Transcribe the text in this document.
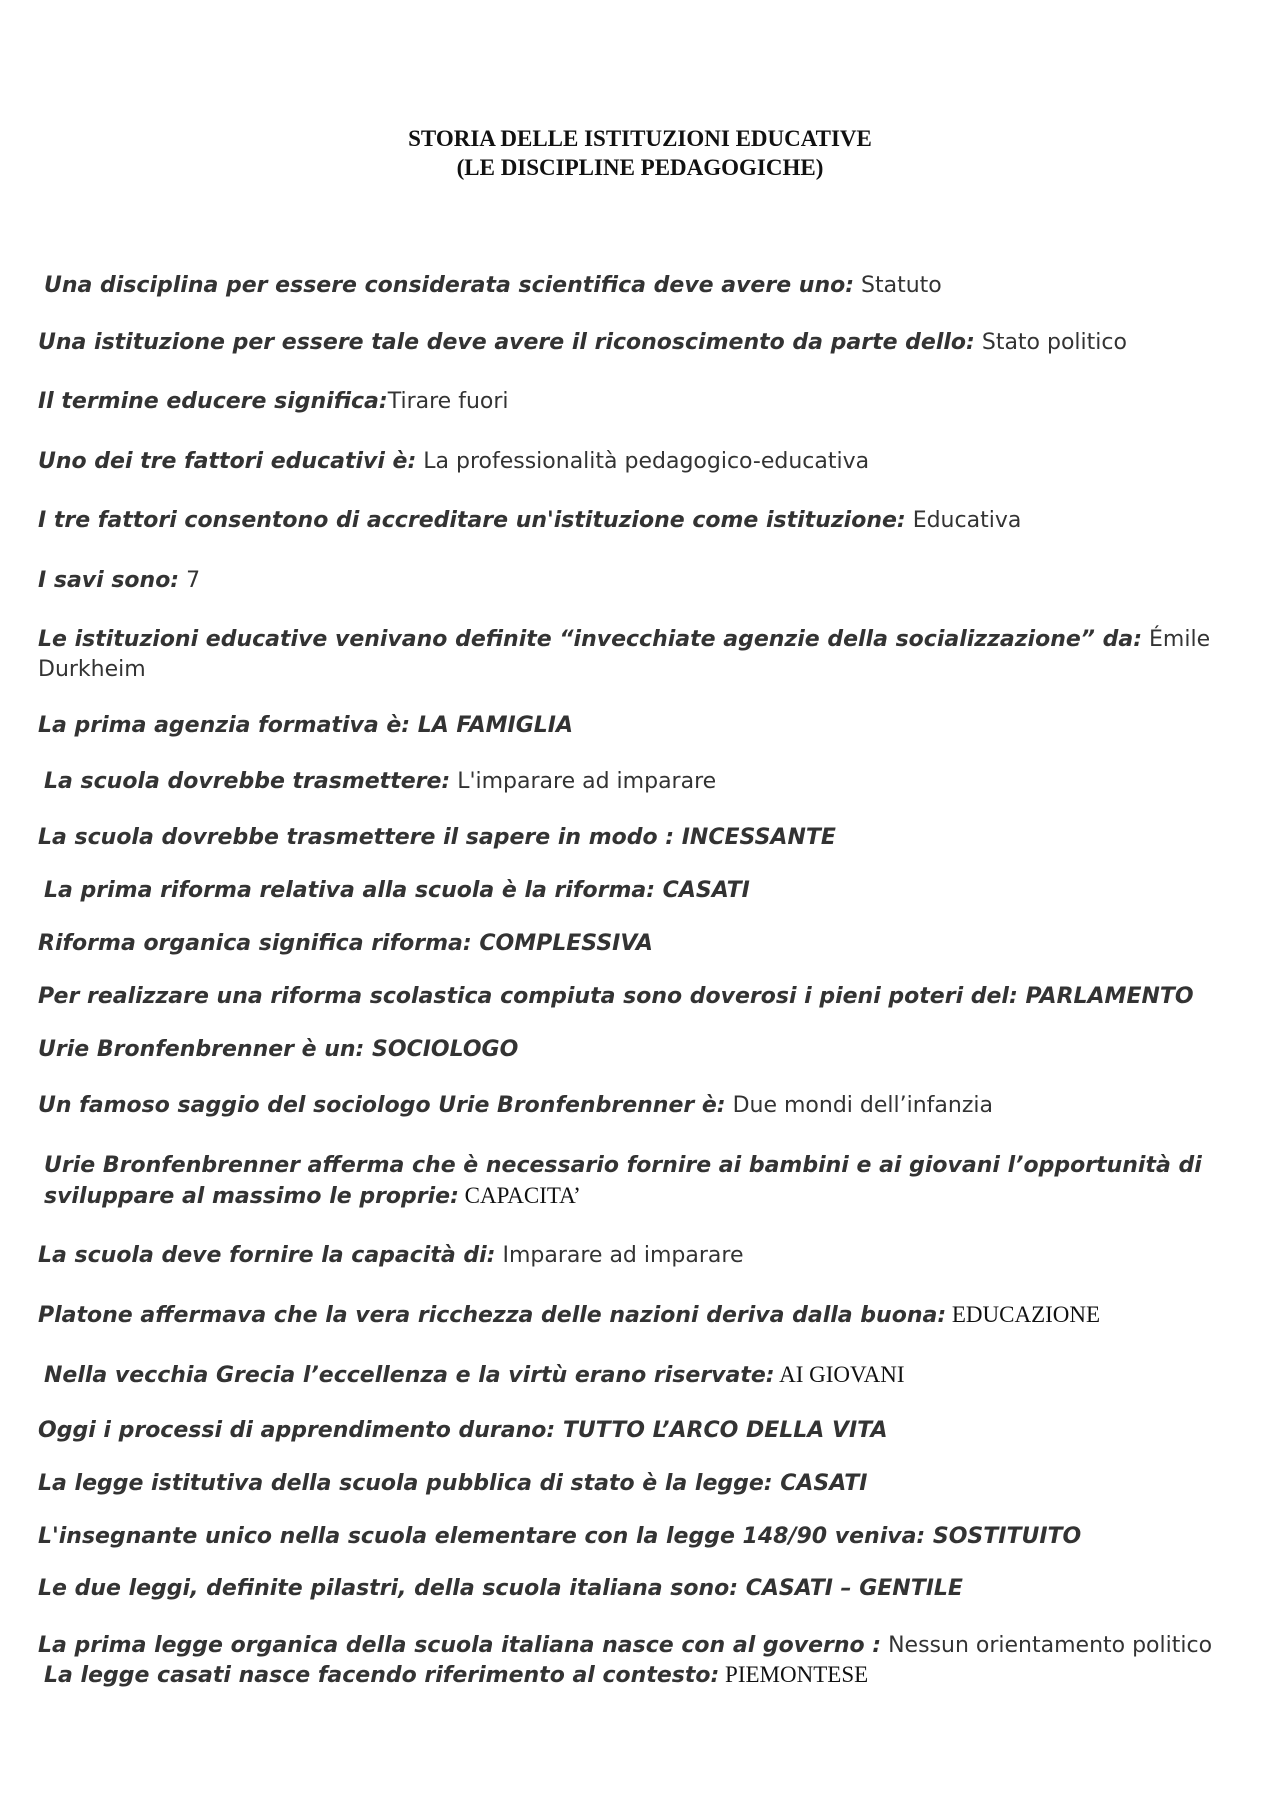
STORIA DELLE ISTITUZIONI EDUCATIVE

(LE DISCIPLINE PEDAGOGICHE)

Una disciplina per essere considerata scientifica deve avere uno: Statuto

Una istituzione per essere tale deve avere il riconoscimento da parte dello: Stato politico

Il termine educere significa:Tirare fuori

Uno dei tre fattori educativi è: La professionalità pedagogico-educativa

I tre fattori consentono di accreditare un'istituzione come istituzione: Educativa

I savi sono: 7

Le istituzioni educative venivano definite “invecchiate agenzie della socializzazione” da: Émile Durkheim

La prima agenzia formativa è: LA FAMIGLIA

La scuola dovrebbe trasmettere: L'imparare ad imparare

La scuola dovrebbe trasmettere il sapere in modo : INCESSANTE

La prima riforma relativa alla scuola è la riforma: CASATI

Riforma organica significa riforma: COMPLESSIVA

Per realizzare una riforma scolastica compiuta sono doverosi i pieni poteri del: PARLAMENTO

Urie Bronfenbrenner è un: SOCIOLOGO

Un famoso saggio del sociologo Urie Bronfenbrenner è: Due mondi dell’infanzia

Urie Bronfenbrenner afferma che è necessario fornire ai bambini e ai giovani l’opportunità di sviluppare al massimo le proprie: CAPACITA’

La scuola deve fornire la capacità di: Imparare ad imparare

Platone affermava che la vera ricchezza delle nazioni deriva dalla buona: EDUCAZIONE

Nella vecchia Grecia l’eccellenza e la virtù erano riservate: AI GIOVANI

Oggi i processi di apprendimento durano: TUTTO L’ARCO DELLA VITA

La legge istitutiva della scuola pubblica di stato è la legge: CASATI

L'insegnante unico nella scuola elementare con la legge 148/90 veniva: SOSTITUITO

Le due leggi, definite pilastri, della scuola italiana sono: CASATI – GENTILE

La prima legge organica della scuola italiana nasce con al governo : Nessun orientamento politico

La legge casati nasce facendo riferimento al contesto: PIEMONTESE
